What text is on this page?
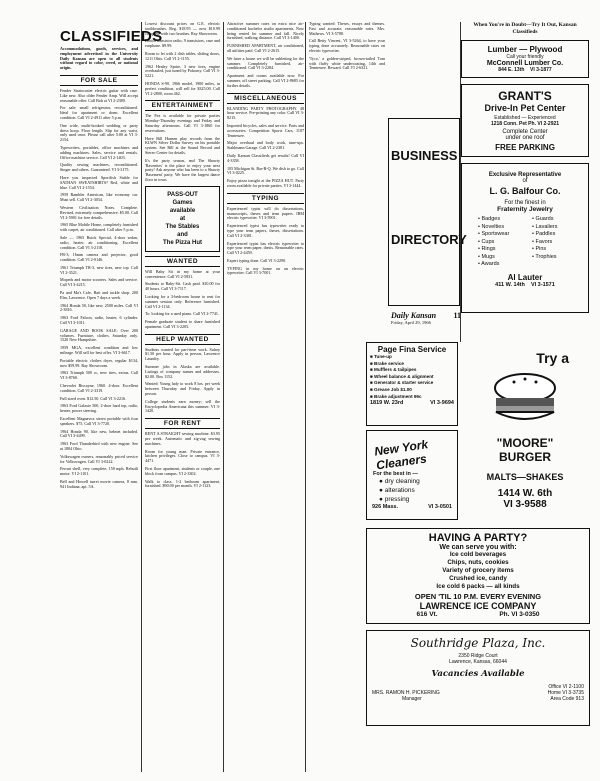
CLASSIFIEDS

Accommodations, goods, services, and employment advertised in the University Daily Kansan are open to all students without regard to color, creed, or national origin.

FOR SALE

Fender Stratocaster electric guitar with case. Like new. Also older Fender Amp. Will accept reasonable offer. Call Bob at VI 2-2380.

For sale: small refrigerator, reconditioned. Ideal for apartment or dorm. Excellent condition. Call VI 2-4911 after 5 p.m.

One wide, multi-hooked wedding or party dress hoop. Floor length. Slip for any waist, only used once. Please call after 5:00 at VI 3-2154.

Typewriters, portables, office machines and adding machines. Sales, service and rentals. Office machine service. Call VI 2-1403.

Quality sewing machines, reconditioned. Singer and others. Guaranteed. VI 3-3175.

Have you inspected Sportfish Stable for SATHAN SWEATSHIRTS? Red, white and blue. Call VI 2-1554.

1959 Rambler American, like economy car. Must sell. Call VI 2-3034.

Western Civilization Notes. Complete. Revised, extremely comprehensive. $5.00. Call VI 2-5901 for free details.

1965 Blue Mobile Home, completely furnished with carpet, air conditioned. Call after 5 p.m.

Sale — 1965 Buick Special, 4-door sedan, radio, heater, air conditioning. Excellent condition. Call VI 3-2118.

FR-3, 16mm camera and projector, good condition. Call VI 2-0146.

1961 Triumph TR-3, new tires, new top. Call VI 2-3521.

Mopeds and motor scooters. Sales and service. Call VI 3-4215.

Pa and Ma's Cafe, Bait and tackle shop. 200 Elm, Lawrence. Open 7 days a week.

1964 Honda 50, like new, 2500 miles. Call VI 2-3816.

1963 Ford Falcon, radio, heater, 6 cylinder. Call VI 3-1011.

GARAGE AND BOOK SALE: Over 200 volumes. Furniture, clothes. Saturday only. 1520 New Hampshire.

1959 MGA, excellent condition and low mileage. Will sell for best offer. VI 3-6617.

Portable electric clothes dryer, regular $134, now $59.99. Ray Showroom.

1963 Triumph 500 cc, new tires, extras. Call VI 3-8760.

Chevrolet Biscayne, 1960. 4-door. Excellent condition. Call VI 2-3319.

Full sized oven. $12.50. Call VI 3-2216.

1963 Ford Galaxie 500, 2-door hard top, radio, heater, power steering.

Excellent Magnavox stereo portable with four speakers. $75. Call VI 3-7720.

1964 Honda 90, like new, helmet included. Call VI 3-4499.

1963 Ford Thunderbird with new engine. See at 1804 Ohio.

Volkswagen owners, reasonably priced service for Volkswagen. Call VI 3-0222.

Ferrari shell, very complete, 150 mph. Rebuilt motor. VI 2-1101.

Bell and Howell turret movie camera, 8 mm. 941 Indiana, apt. 5A.

Lowest discount prices on G.E. electric toothbrushes. Reg. $18.95 — now $10.99 complete with two brushes. Ray Showroom.

Zenith transistor radio, 9 transistors, case and earphone. $9.99.

Room to let with 2 dish tables, sliding doors, 1211 Ohio. Call VI 2-1155.

1962 Healey Sprite, 3 new tires, engine overhauled, just tuned by Pokorny. Call VI 3-5221.

HONDA S-90, 1966 model, 1900 miles, in perfect condition, will sell for $325.00. Call VI 2-2800, room 462.

ENTERTAINMENT

The Fez is available for private parties Monday-Thursday evenings and Friday and Saturday afternoons. Call VI 3-1860 for reservations.

Have Bill Hansen play records from the KLWN Silver Dollar Survey on his portable system. See Bill at the Sound Record and Stereo Center for details.

It's the party season, and The Shawty 'Ravenites' is the place to enjoy your next party! Ask anyone who has been to a Shawty 'Basement' party. We have the largest dance floor in town.

PASS-OUT
Games
available
at
The Stables
and
The Pizza Hut
WANTED

Will Baby Sit in my home at your convenience. Call VI 2-5831.

Students to Baby-Sit. Cash paid. $10.00 for 40 hours. Call VI 3-7117.

Looking for a 3-bedroom house to rent for summer session only. Reference furnished. Call VI 2-1134.

To: looking for a used piano. Call VI 2-7741.

Female graduate student to share furnished apartment. Call VI 3-2205.

HELP WANTED

Students wanted for part-time work. Salary $1.50 per hour. Apply in person, Lawrence Laundry.

Summer jobs in Alaska are available. Listings of company names and addresses. $2.00. Box 1152.

Wanted: Young lady to work 8 hrs. per week between Thursday and Friday. Apply in person.

College students earn money; sell the Encyclopedia Americana this summer. VI 3-1420.

FOR RENT

RENT A STRAIGHT sewing machine. $3.95 per week. Automatic and zig-zag sewing machines.

Room for young man. Private entrance, kitchen privileges. Close to campus. VI 3-4471.

First floor apartment, students or couple, one block from campus. VI 2-3302.

Walk to class. 1-2 bedroom apartment, furnished. $90.00 per month. VI 2-1123.

Attractive summer rates on extra nice air-conditioned bachelor studio apartments. Now being rented for summer and fall. Nicely furnished, walking distance. Call VI 3-1400.

FURNISHED APARTMENT, air conditioned, all utilities paid. Call VI 2-2615.

We have a house we will be subletting for the summer. Completely furnished, air-conditioned. Call VI 3-2284.

Apartment and rooms available now. For summer, off street parking. Call VI 2-8685 for further details.

MISCELLANEOUS

BLANDING PARTY PHOTOGRAPHY. 48 hour service. Pre-printing any color. Call VI 3-8215.

Imported bicycles, sales and service. Parts and accessories. Competition Sports Cars, 1107 Tennessee.

Major overhaul and body work, tune-ups. Stahlmann Garage. Call VI 2-2381.

Daily Kansan Classifieds get results! Call VI 4-3358.

105 Michigan St. Bar-B-Q. We dish to go. Call VI 3-0225.

Enjoy pizza tonight at the PIZZA HUT. Party room available for private parties. VI 3-1444.

TYPING

Experienced typist will do dissertations, manuscripts, theses and term papers. IBM electric typewriter. VI 3-5901.

Experienced typist has typewriter ready to type your term papers, theses, dissertations. Call VI 2-3381.

Experienced typist has electric typewriter to type your term paper, thesis. Reasonable rates. Call VI 2-4459.

Expert typing done. Call VI 3-2290.

TYPING in my home on an electric typewriter. Call VI 3-7001.

Typing wanted: Theses, essays and themes. Fast and accurate, reasonable rates. Mrs. Mathews. VI 3-5788.

Call Betty Vincent, VI 3-5264, to have your typing done accurately. Reasonable rates on electric typewriter.

'Tyco,' a golden-striped, brown-tailed Tom with fluffy white undercoating, 14th and Tennessee. Reward. Call VI 2-6321.

BUSINESS
DIRECTORY
Daily Kansan 11
Friday, April 29, 1966
Page Fina Service
■ Tune-up
■ Brake service
■ Mufflers & tailpipes
■ Wheel balance & alignment
■ Generator & starter service
■ Grease Job $1.00
■ Brake adjustment 99c
1819 W. 23rd	VI 3-9694
Try a
"MOORE"
BURGER
MALTS—SHAKES
1414 W. 6th
VI 3-9588
New York Cleaners
For the best in —
● dry cleaning
● alterations
● pressing
926 Mass.	VI 3-0501
HAVING A PARTY?
We can serve you with:
Ice cold beverages
Chips, nuts, cookies
Variety of grocery items
Crushed ice, candy
Ice cold 6 packs — all kinds
OPEN 'TIL 10 P.M. EVERY EVENING
LAWRENCE ICE COMPANY
616 Vt.	Ph. VI 3-0350
Southridge Plaza, Inc.
2350 Ridge Court
Lawrence, Kansas, 66044
Vacancies Available
Office VI 2-1100
MRS. RAMON H. PICKERING	Home VI 3-3735
Manager	Area Code 913
When You're in Doubt—Try It Out, Kansan Classifieds
Lumber — Plywood
Call your friendly
McConnell Lumber Co.
844 E. 13th VI 3-1877
GRANT'S
Drive-In Pet Center
Established — Experienced
1218 Conn. Pet Ph. VI 2-2921
Complete Center
under one roof
FREE PARKING
Exclusive Representative
of
L. G. Balfour Co.
For the finest in
Fraternity Jewelry
• Badges	• Guards
• Novelties	• Lavaliers
• Sportswear	• Paddles
• Cups	• Favors
• Rings	• Pins
• Mugs	• Trophies
• Awards
Al Lauter
411 W. 14th VI 3-1571
